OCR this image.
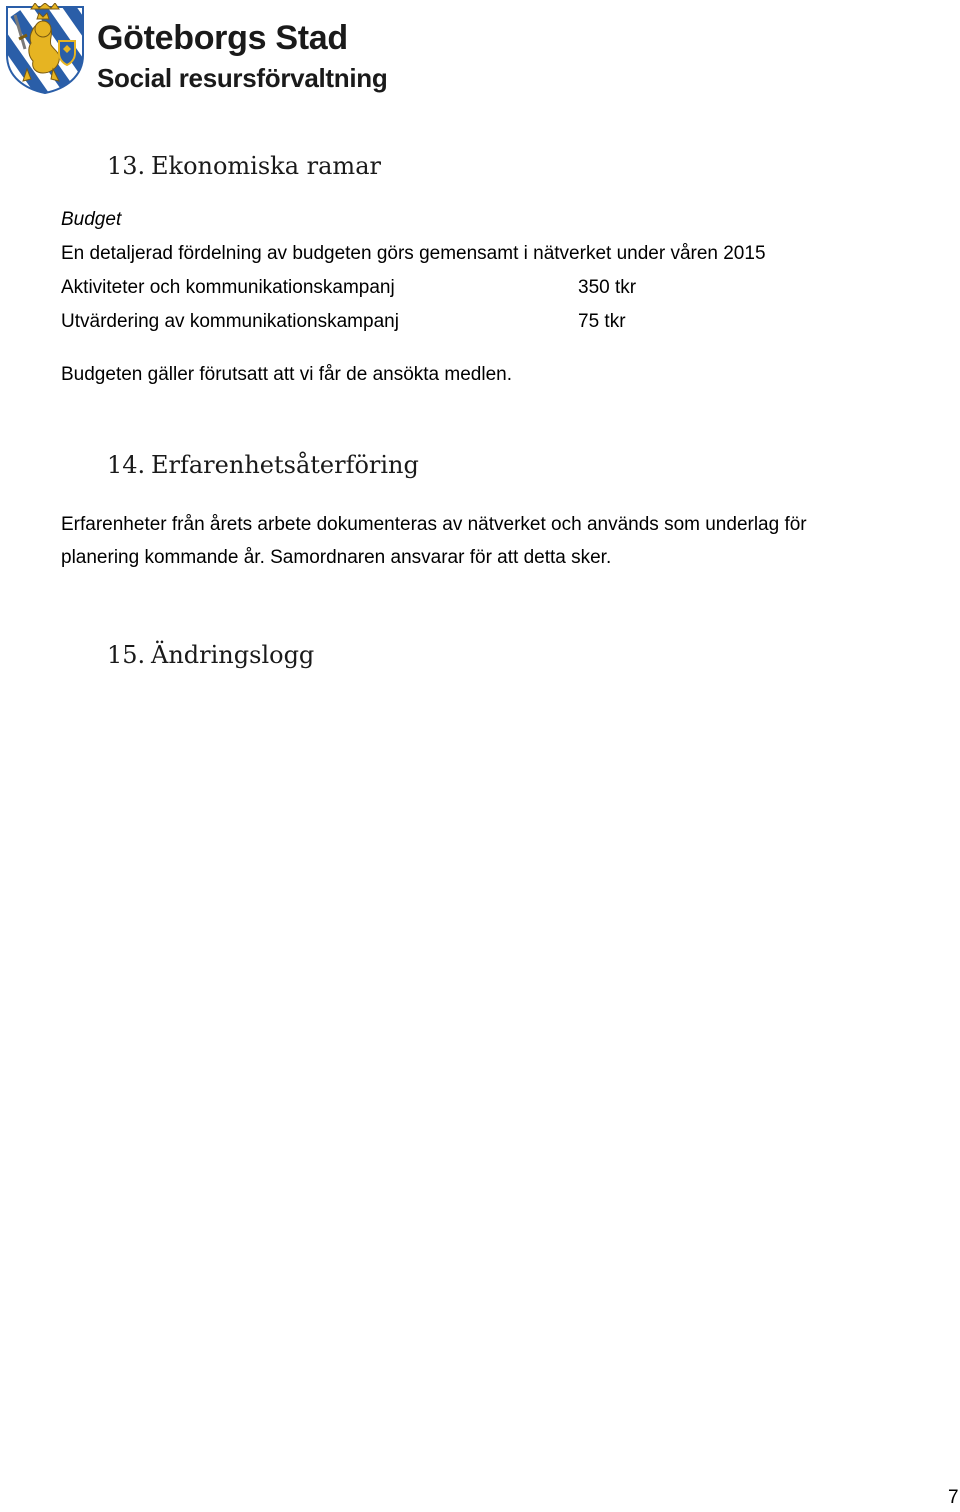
Göteborgs Stad
Social resursförvaltning
13. Ekonomiska ramar
Budget
En detaljerad fördelning av budgeten görs gemensamt i nätverket under våren 2015
Aktiviteter och kommunikationskampanj	350 tkr
Utvärdering av kommunikationskampanj	75 tkr
Budgeten gäller förutsatt att vi får de ansökta medlen.
14. Erfarenhetsåterföring
Erfarenheter från årets arbete dokumenteras av nätverket och används som underlag för
planering kommande år. Samordnaren ansvarar för att detta sker.
15. Ändringslogg
7
